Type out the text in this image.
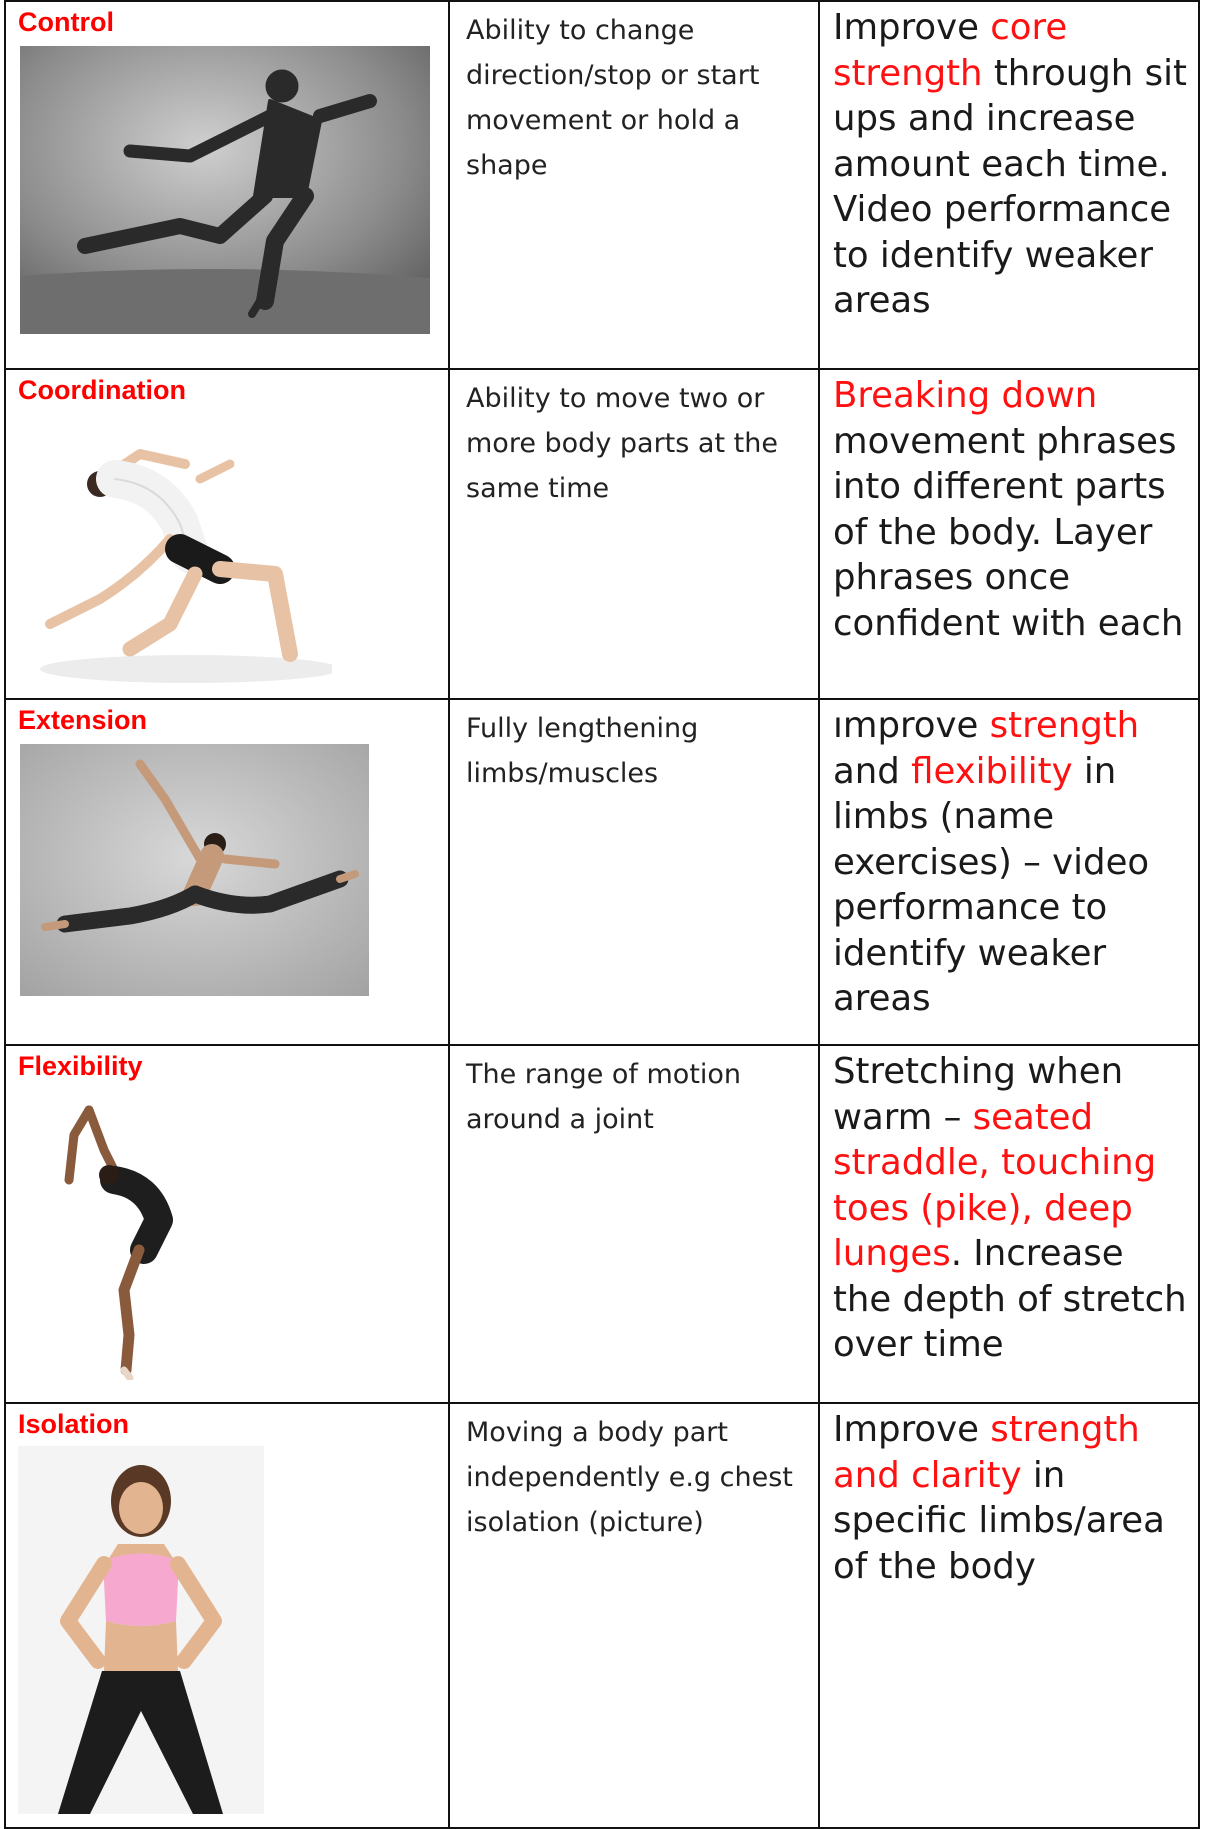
Control	Ability to change direction/stop or start movement or hold a shape	Improve core strength through sit ups and increase amount each time. Video performance to identify weaker areas

Coordination	Ability to move two or more body parts at the same time	Breaking down movement phrases into different parts of the body. Layer phrases once confident with each

Extension	Fully lengthening limbs/muscles	ımprove strength and flexibility in limbs (name exercises) – video performance to identify weaker areas

Flexibility	The range of motion around a joint	Stretching when warm – seated straddle, touching toes (pike), deep lunges. Increase the depth of stretch over time

Isolation	Moving a body part independently e.g chest isolation (picture)	Improve strength and clarity in specific limbs/area of the body
